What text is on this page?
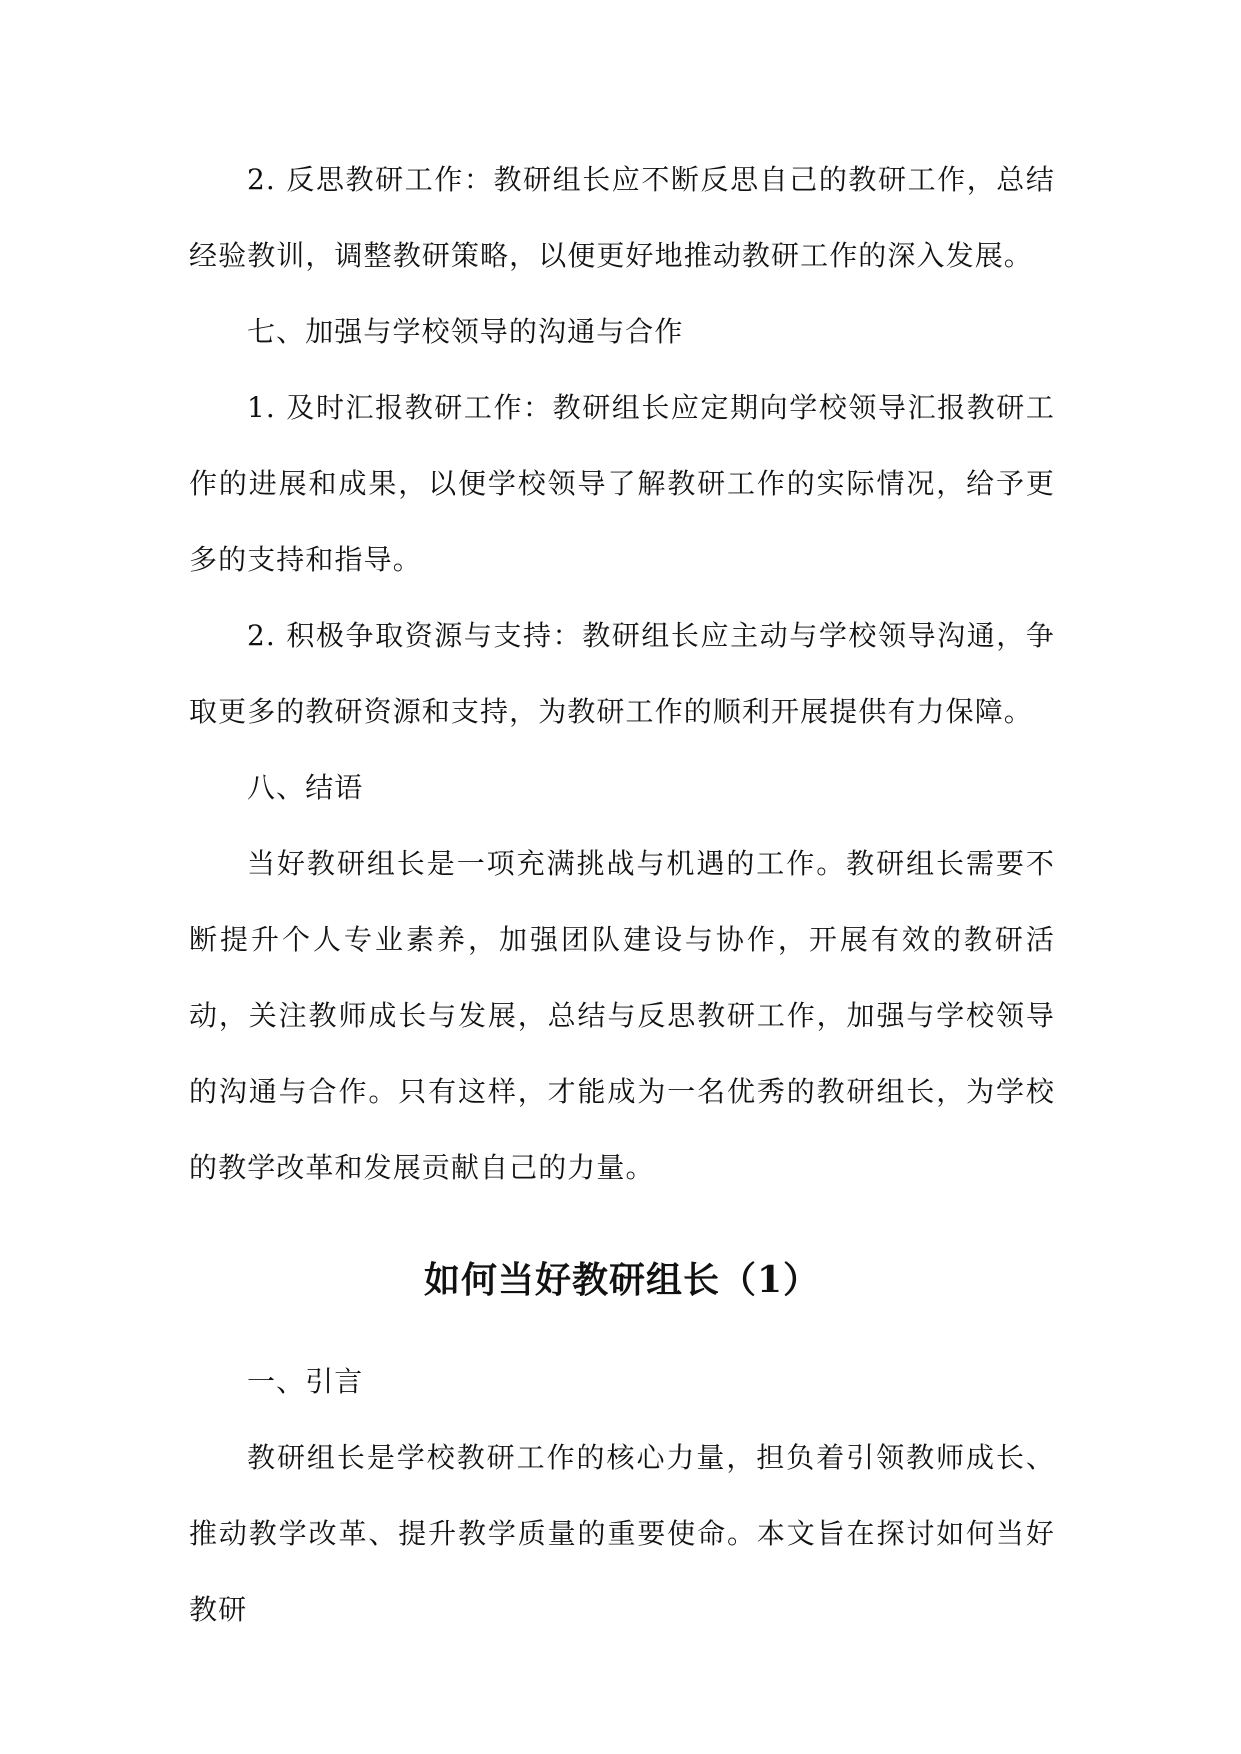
2. 反思教研工作：教研组长应不断反思自己的教研工作，总结经验教训，调整教研策略，以便更好地推动教研工作的深入发展。

七、加强与学校领导的沟通与合作

1. 及时汇报教研工作：教研组长应定期向学校领导汇报教研工作的进展和成果，以便学校领导了解教研工作的实际情况，给予更多的支持和指导。

2. 积极争取资源与支持：教研组长应主动与学校领导沟通，争取更多的教研资源和支持，为教研工作的顺利开展提供有力保障。

八、结语

当好教研组长是一项充满挑战与机遇的工作。教研组长需要不断提升个人专业素养，加强团队建设与协作，开展有效的教研活动，关注教师成长与发展，总结与反思教研工作，加强与学校领导的沟通与合作。只有这样，才能成为一名优秀的教研组长，为学校的教学改革和发展贡献自己的力量。

如何当好教研组长（1）

一、引言

教研组长是学校教研工作的核心力量，担负着引领教师成长、推动教学改革、提升教学质量的重要使命。本文旨在探讨如何当好教研
